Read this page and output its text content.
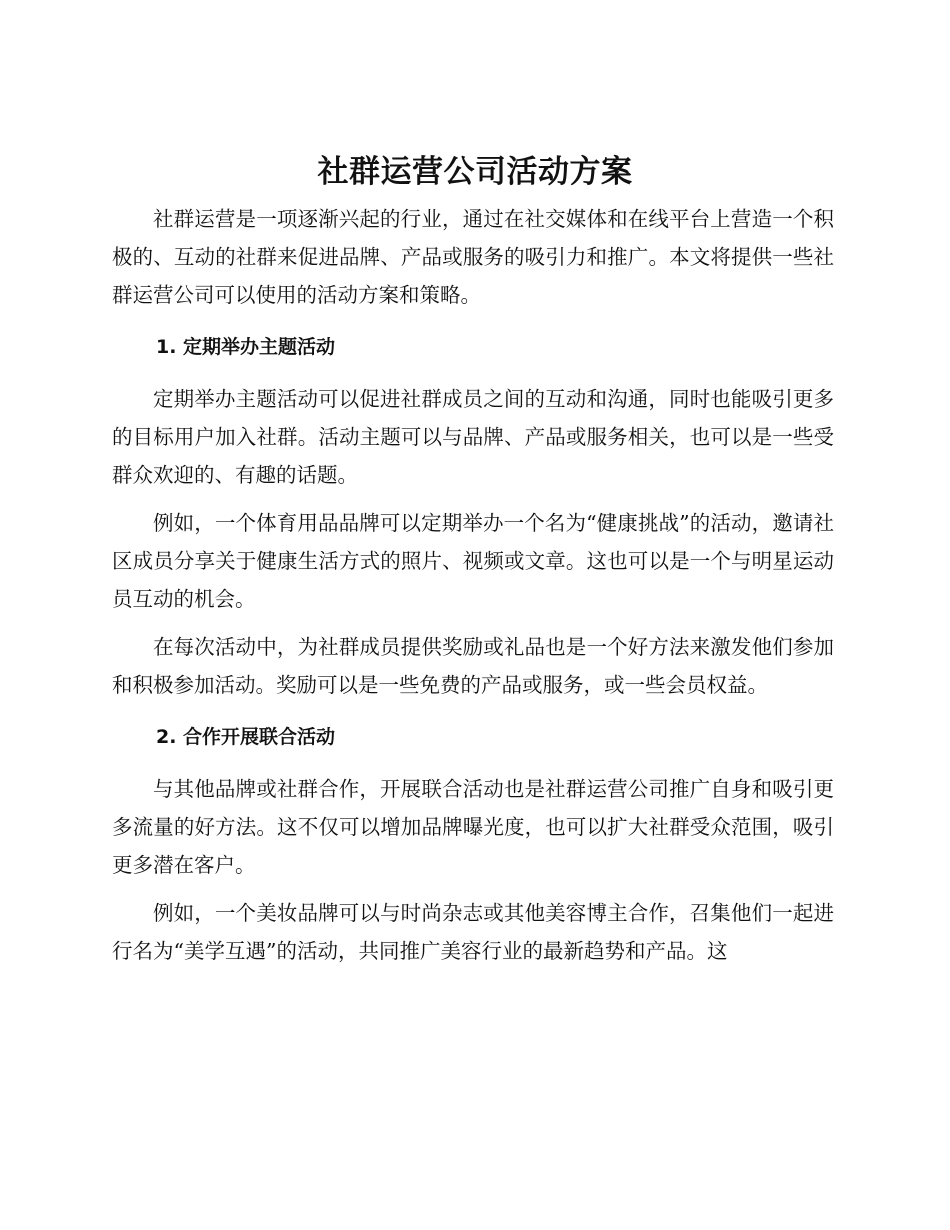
社群运营公司活动方案

社群运营是一项逐渐兴起的行业，通过在社交媒体和在线平台上营造一个积极的、互动的社群来促进品牌、产品或服务的吸引力和推广。本文将提供一些社群运营公司可以使用的活动方案和策略。

1. 定期举办主题活动

定期举办主题活动可以促进社群成员之间的互动和沟通，同时也能吸引更多的目标用户加入社群。活动主题可以与品牌、产品或服务相关，也可以是一些受群众欢迎的、有趣的话题。

例如，一个体育用品品牌可以定期举办一个名为“健康挑战”的活动，邀请社区成员分享关于健康生活方式的照片、视频或文章。这也可以是一个与明星运动员互动的机会。

在每次活动中，为社群成员提供奖励或礼品也是一个好方法来激发他们参加和积极参加活动。奖励可以是一些免费的产品或服务，或一些会员权益。

2. 合作开展联合活动

与其他品牌或社群合作，开展联合活动也是社群运营公司推广自身和吸引更多流量的好方法。这不仅可以增加品牌曝光度，也可以扩大社群受众范围，吸引更多潜在客户。

例如，一个美妆品牌可以与时尚杂志或其他美容博主合作，召集他们一起进行名为“美学互遇”的活动，共同推广美容行业的最新趋势和产品。这
